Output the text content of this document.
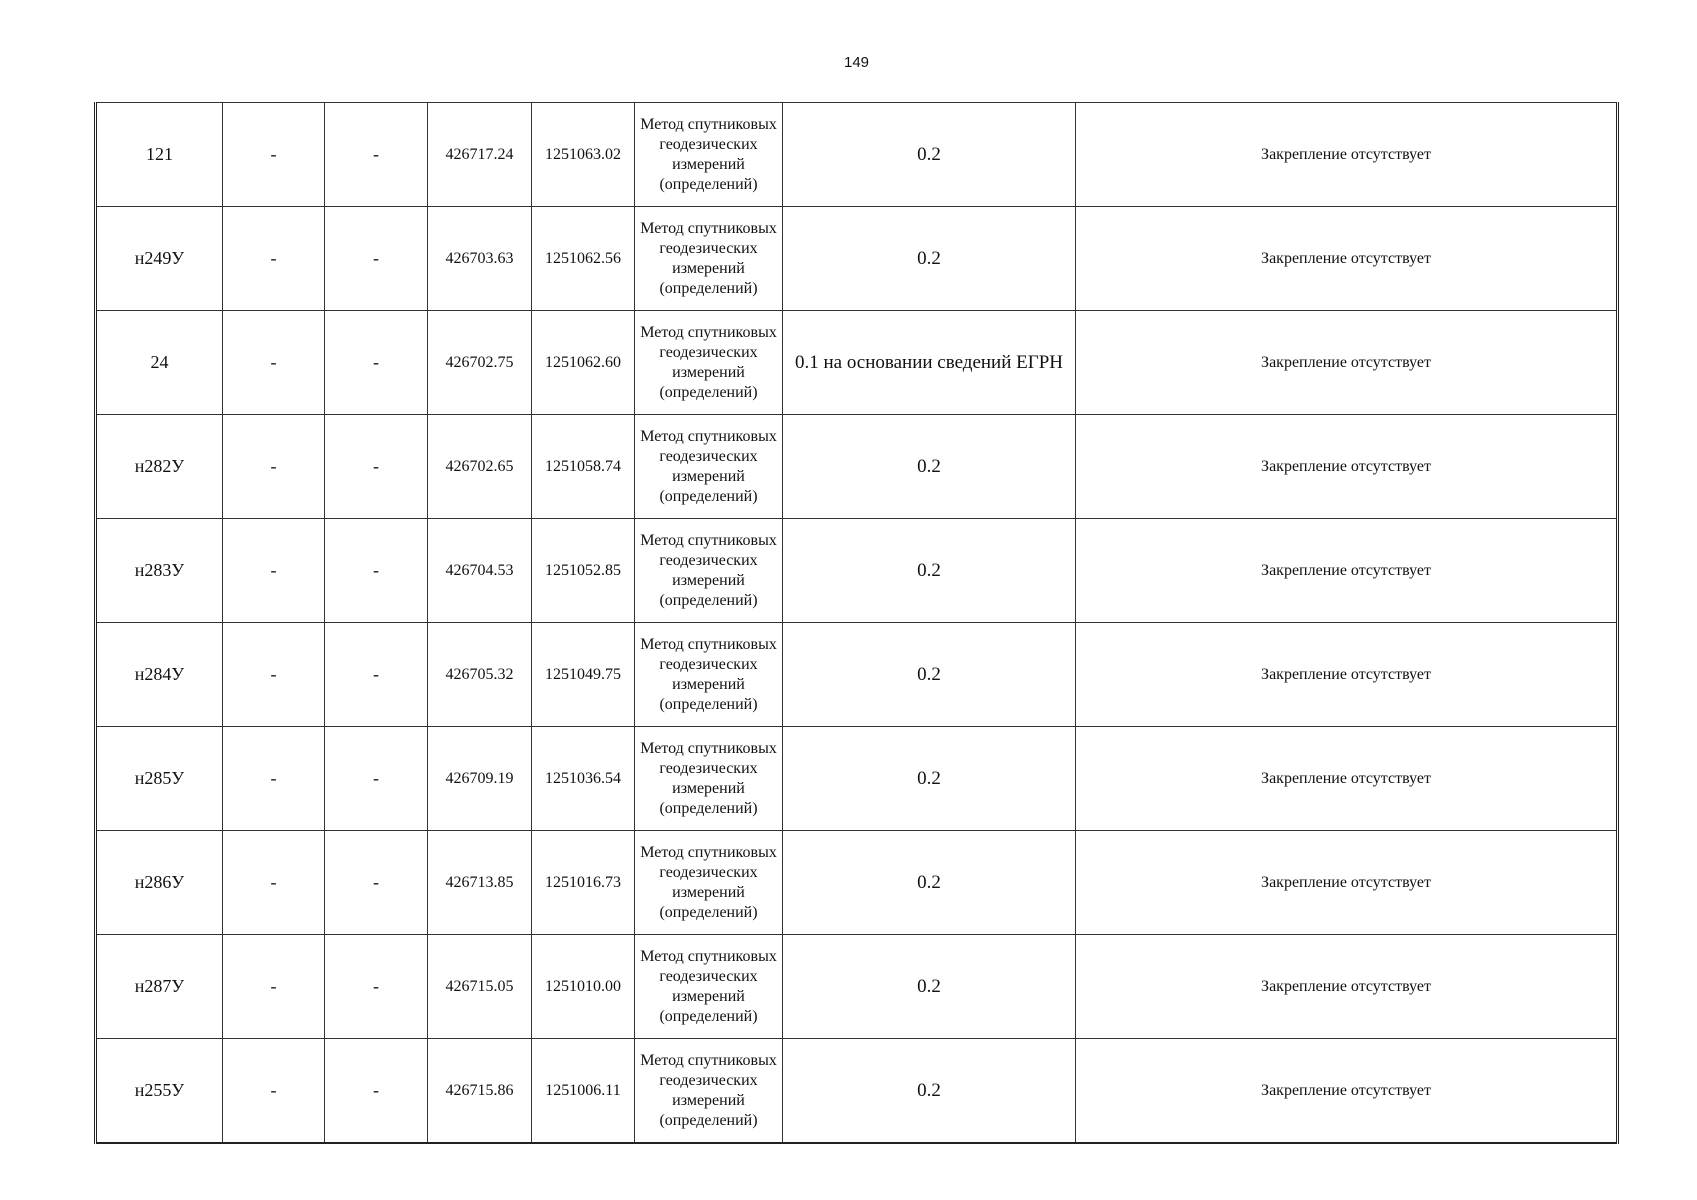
149
121	-	-	426717.24	1251063.02	Метод спутниковых геодезических измерений (определений)	0.2	Закрепление отсутствует
н249У	-	-	426703.63	1251062.56	Метод спутниковых геодезических измерений (определений)	0.2	Закрепление отсутствует
24	-	-	426702.75	1251062.60	Метод спутниковых геодезических измерений (определений)	0.1 на основании сведений ЕГРН	Закрепление отсутствует
н282У	-	-	426702.65	1251058.74	Метод спутниковых геодезических измерений (определений)	0.2	Закрепление отсутствует
н283У	-	-	426704.53	1251052.85	Метод спутниковых геодезических измерений (определений)	0.2	Закрепление отсутствует
н284У	-	-	426705.32	1251049.75	Метод спутниковых геодезических измерений (определений)	0.2	Закрепление отсутствует
н285У	-	-	426709.19	1251036.54	Метод спутниковых геодезических измерений (определений)	0.2	Закрепление отсутствует
н286У	-	-	426713.85	1251016.73	Метод спутниковых геодезических измерений (определений)	0.2	Закрепление отсутствует
н287У	-	-	426715.05	1251010.00	Метод спутниковых геодезических измерений (определений)	0.2	Закрепление отсутствует
н255У	-	-	426715.86	1251006.11	Метод спутниковых геодезических измерений (определений)	0.2	Закрепление отсутствует
